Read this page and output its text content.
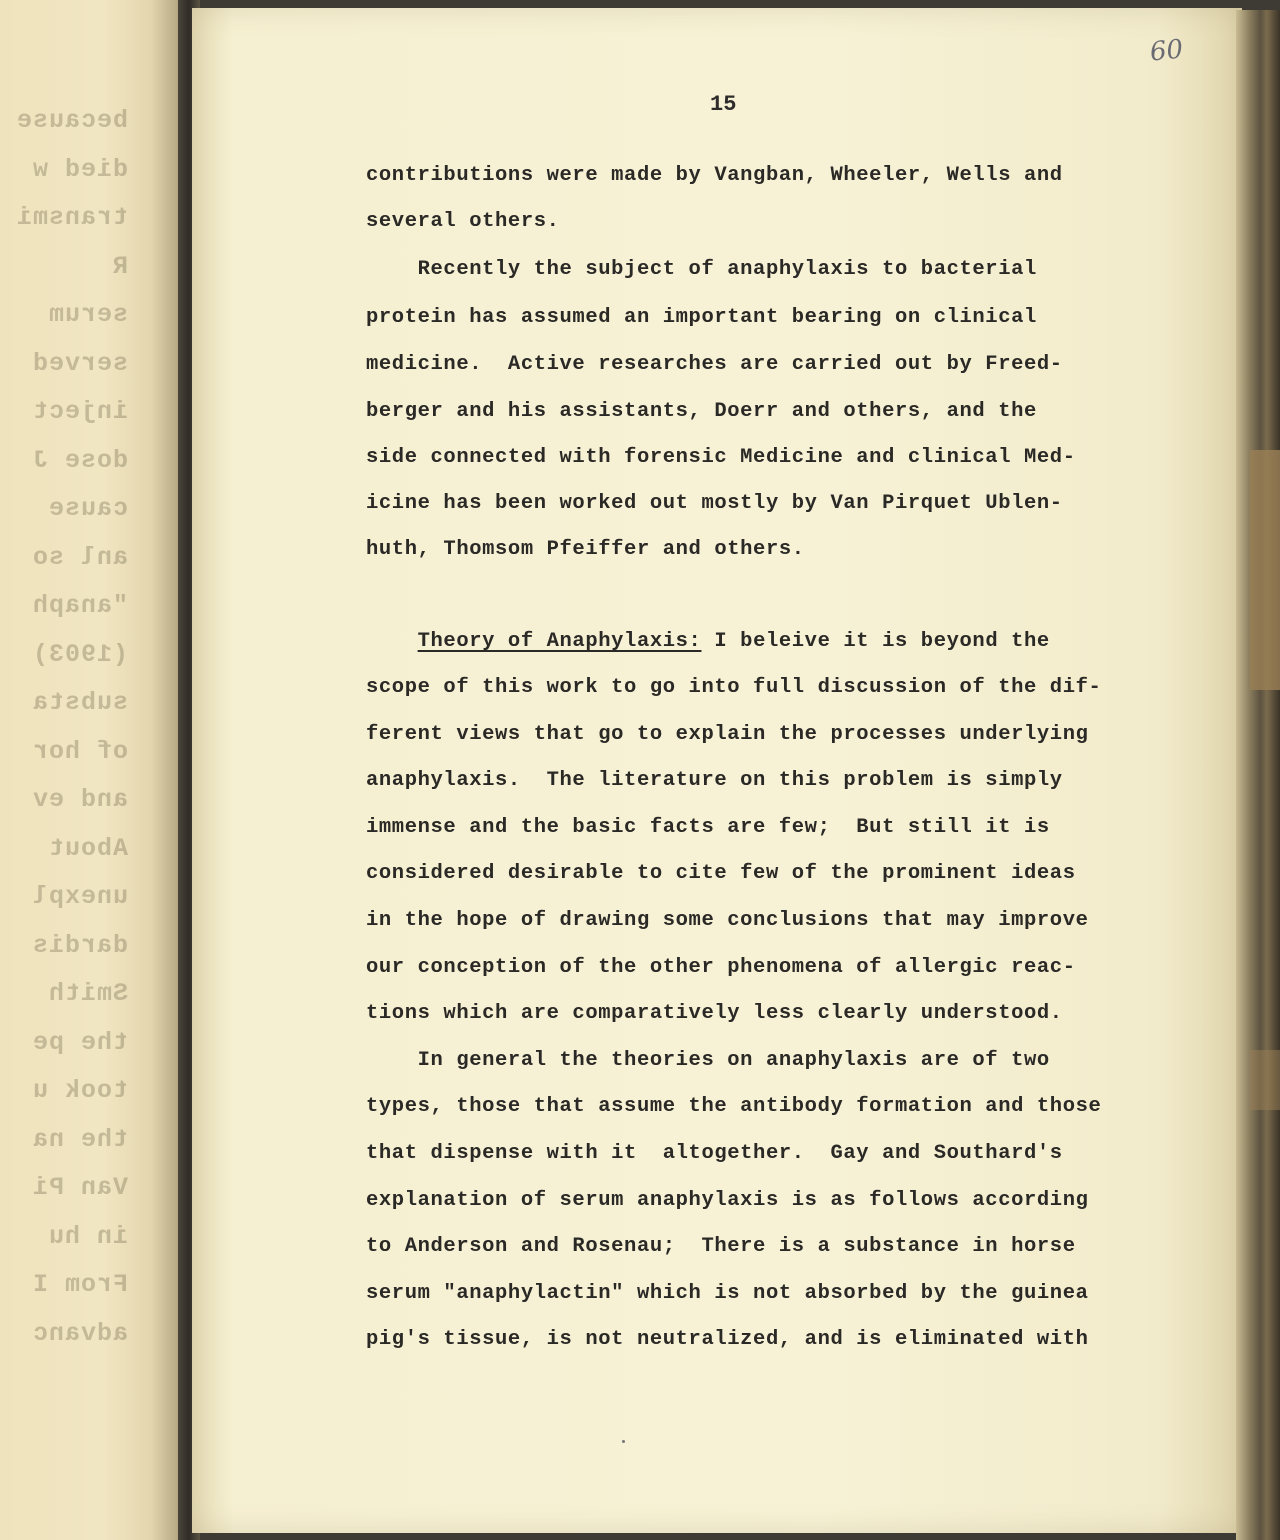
because
died w
transmi
R
serum
served
inject
dose J
cause
anl so
"anaph
(1903)
substa
of hor
and ev
About
unexpl
dardis
Smith
the pe
took u
the na
Van Pi
in hu
From I
advanc
60
15
contributions were made by Vangban, Wheeler, Wells and
several others.
Recently the subject of anaphylaxis to bacterial
protein has assumed an important bearing on clinical
medicine.  Active researches are carried out by Freed-
berger and his assistants, Doerr and others, and the
side connected with forensic Medicine and clinical Med-
icine has been worked out mostly by Van Pirquet Ublen-
huth, Thomsom Pfeiffer and others.
Theory of Anaphylaxis: I beleive it is beyond the
scope of this work to go into full discussion of the dif-
ferent views that go to explain the processes underlying
anaphylaxis.  The literature on this problem is simply
immense and the basic facts are few;  But still it is
considered desirable to cite few of the prominent ideas
in the hope of drawing some conclusions that may improve
our conception of the other phenomena of allergic reac-
tions which are comparatively less clearly understood.
In general the theories on anaphylaxis are of two
types, those that assume the antibody formation and those
that dispense with it  altogether.  Gay and Southard's
explanation of serum anaphylaxis is as follows according
to Anderson and Rosenau;  There is a substance in horse
serum "anaphylactin" which is not absorbed by the guinea
pig's tissue, is not neutralized, and is eliminated with
